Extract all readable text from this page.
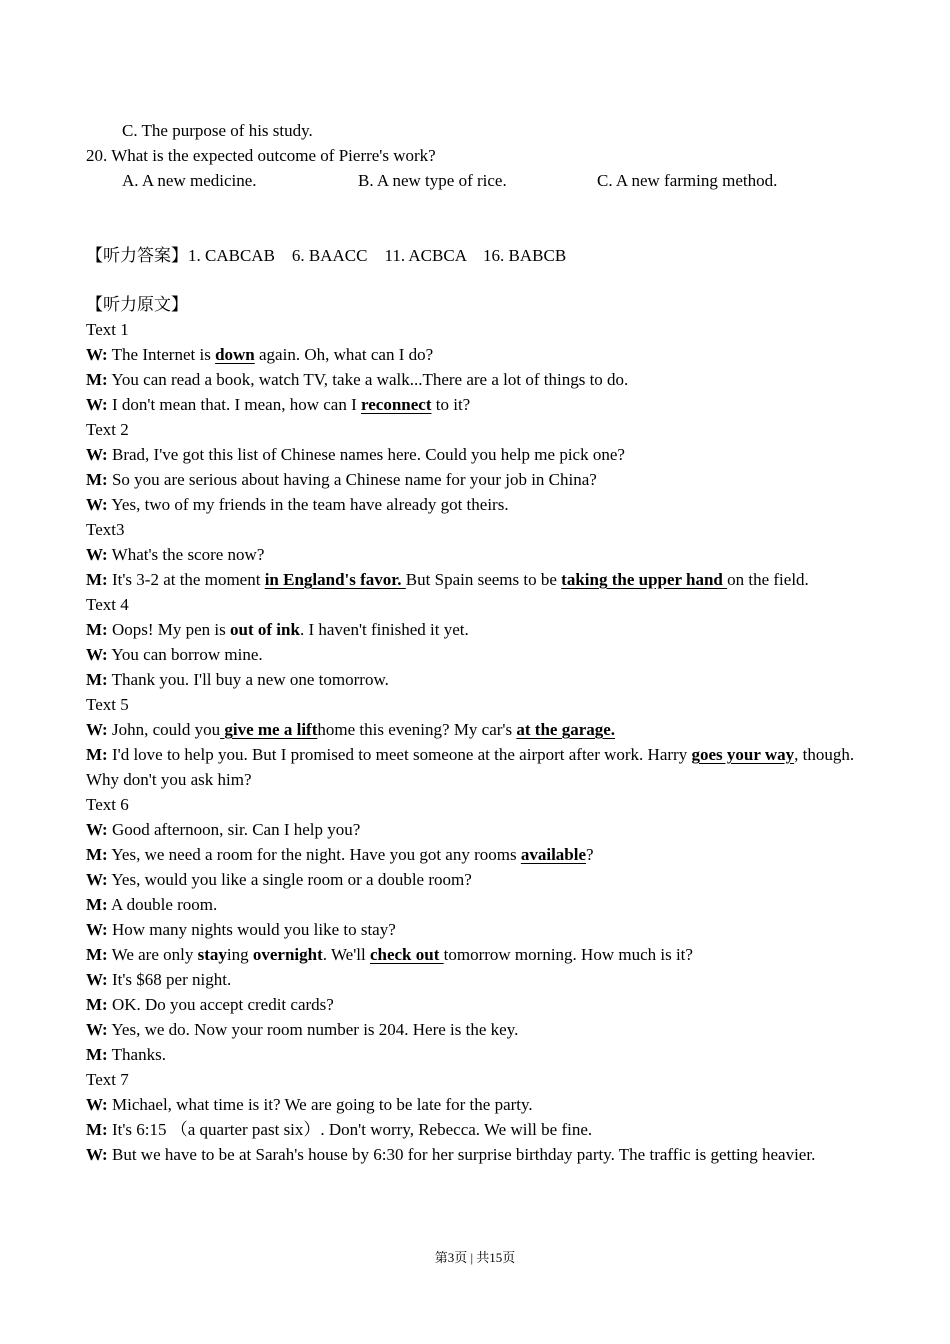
C. The purpose of his study.

20. What is the expected outcome of Pierre's work?

A. A new medicine.	B. A new type of rice.	C. A new farming method.

【听力答案】1. CABCAB    6. BAACC    11. ACBCA    16. BABCB

【听力原文】

Text 1

W: The Internet is down again. Oh, what can I do?

M: You can read a book, watch TV, take a walk...There are a lot of things to do.

W: I don't mean that. I mean, how can I reconnect to it?

Text 2

W: Brad, I've got this list of Chinese names here. Could you help me pick one?

M: So you are serious about having a Chinese name for your job in China?

W: Yes, two of my friends in the team have already got theirs.

Text3

W: What's the score now?

M: It's 3-2 at the moment in England's favor. But Spain seems to be taking the upper hand on the field.

Text 4

M: Oops! My pen is out of ink. I haven't finished it yet.

W: You can borrow mine.

M: Thank you. I'll buy a new one tomorrow.

Text 5

W: John, could you give me a lifthome this evening? My car's at the garage.

M: I'd love to help you. But I promised to meet someone at the airport after work. Harry goes your way, though. Why don't you ask him?

Text 6

W: Good afternoon, sir. Can I help you?

M: Yes, we need a room for the night. Have you got any rooms available?

W: Yes, would you like a single room or a double room?

M: A double room.

W: How many nights would you like to stay?

M: We are only staying overnight. We'll check out tomorrow morning. How much is it?

W: It's $68 per night.

M: OK. Do you accept credit cards?

W: Yes, we do. Now your room number is 204. Here is the key.

M: Thanks.

Text 7

W: Michael, what time is it? We are going to be late for the party.

M: It's 6:15 （a quarter past six）. Don't worry, Rebecca. We will be fine.

W: But we have to be at Sarah's house by 6:30 for her surprise birthday party. The traffic is getting heavier.

第3页 | 共15页
